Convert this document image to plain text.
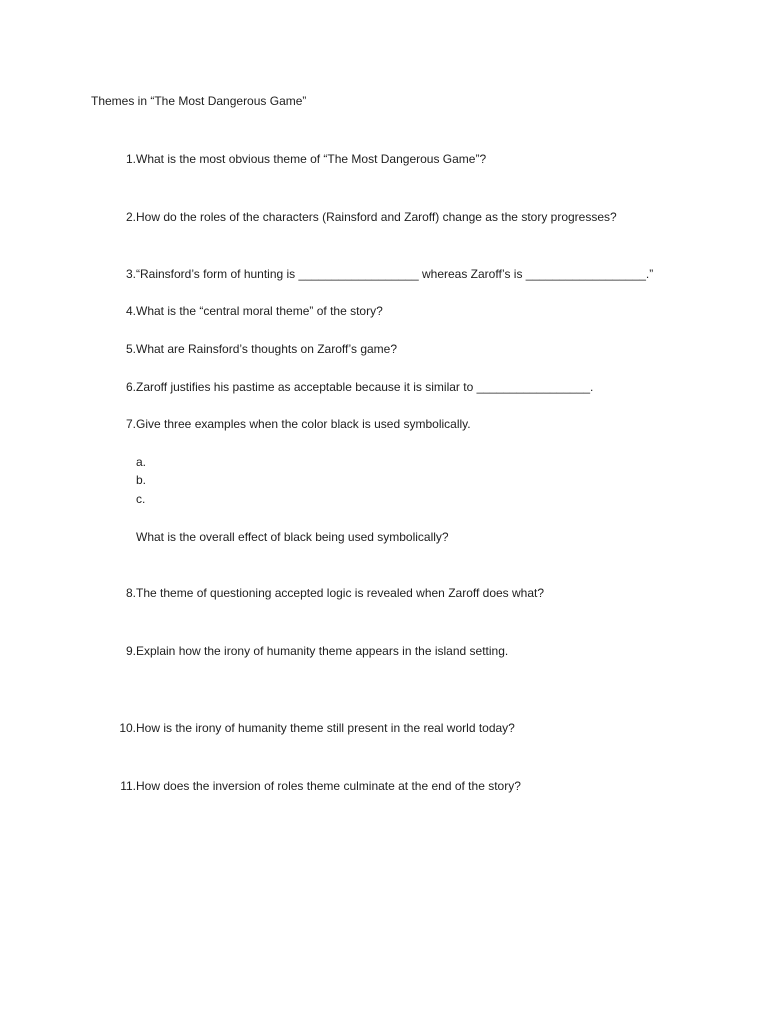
Themes in “The Most Dangerous Game”
1. What is the most obvious theme of “The Most Dangerous Game”?
2. How do the roles of the characters (Rainsford and Zaroff) change as the story progresses?
3. “Rainsford’s form of hunting is __________________ whereas Zaroff’s is __________________.”
4. What is the “central moral theme” of the story?
5. What are Rainsford’s thoughts on Zaroff’s game?
6. Zaroff justifies his pastime as acceptable because it is similar to _________________.
7. Give three examples when the color black is used symbolically.
a.
b.
c.
What is the overall effect of black being used symbolically?
8. The theme of questioning accepted logic is revealed when Zaroff does what?
9. Explain how the irony of humanity theme appears in the island setting.
10. How is the irony of humanity theme still present in the real world today?
11. How does the inversion of roles theme culminate at the end of the story?
